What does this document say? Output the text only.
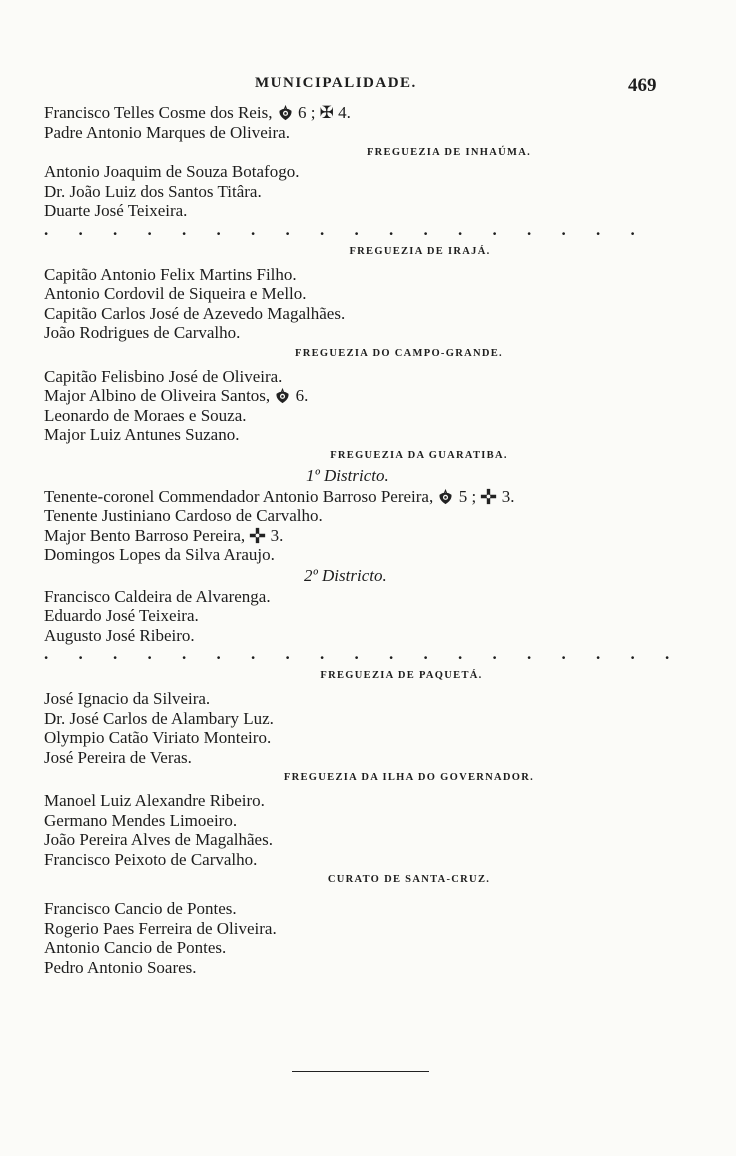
MUNICIPALIDADE.	469
Francisco Telles Cosme dos Reis,  6 ; ✠ 4.
Padre Antonio Marques de Oliveira.
FREGUEZIA DE INHAÚMA.
Antonio Joaquim de Souza Botafogo.
Dr. João Luiz dos Santos Titâra.
Duarte José Teixeira.
. . . . . . . . . . . . . . . . . .
FREGUEZIA DE IRAJÁ.
Capitão Antonio Felix Martins Filho.
Antonio Cordovil de Siqueira e Mello.
Capitão Carlos José de Azevedo Magalhães.
João Rodrigues de Carvalho.
FREGUEZIA DO CAMPO-GRANDE.
Capitão Felisbino José de Oliveira.
Major Albino de Oliveira Santos,  6.
Leonardo de Moraes e Souza.
Major Luiz Antunes Suzano.
FREGUEZIA DA GUARATIBA.
1º Districto.
Tenente-coronel Commendador Antonio Barroso Pereira,  5 ;  3.
Tenente Justiniano Cardoso de Carvalho.
Major Bento Barroso Pereira,  3.
Domingos Lopes da Silva Araujo.
2º Districto.
Francisco Caldeira de Alvarenga.
Eduardo José Teixeira.
Augusto José Ribeiro.
. . . . . . . . . . . . . . . . . . .
FREGUEZIA DE PAQUETÁ.
José Ignacio da Silveira.
Dr. José Carlos de Alambary Luz.
Olympio Catão Viriato Monteiro.
José Pereira de Veras.
FREGUEZIA DA ILHA DO GOVERNADOR.
Manoel Luiz Alexandre Ribeiro.
Germano Mendes Limoeiro.
João Pereira Alves de Magalhães.
Francisco Peixoto de Carvalho.
CURATO DE SANTA-CRUZ.
Francisco Cancio de Pontes.
Rogerio Paes Ferreira de Oliveira.
Antonio Cancio de Pontes.
Pedro Antonio Soares.
